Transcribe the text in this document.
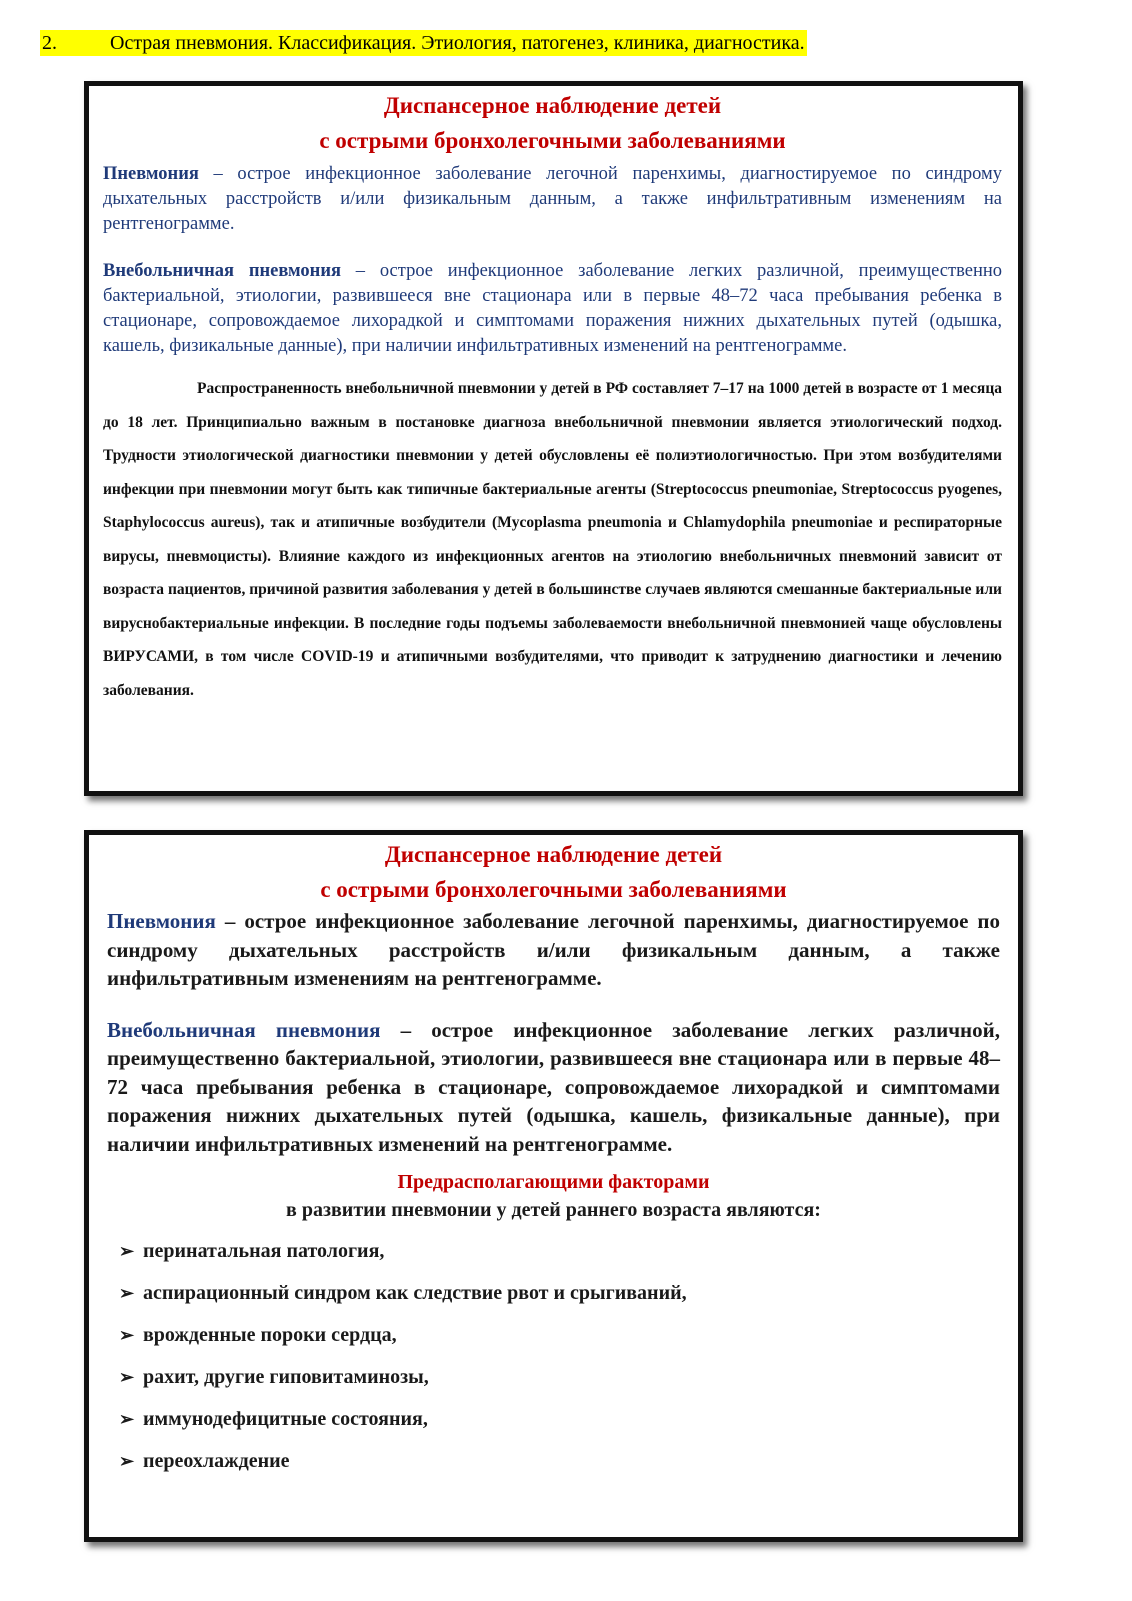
2.	Острая пневмония. Классификация. Этиология, патогенез, клиника, диагностика.
Диспансерное наблюдение детей
с острыми бронхолегочными заболеваниями

Пневмония – острое инфекционное заболевание легочной паренхимы, диагностируемое по синдрому дыхательных расстройств и/или физикальным данным, а также инфильтративным изменениям на рентгенограмме.

Внебольничная пневмония – острое инфекционное заболевание легких различной, преимущественно бактериальной, этиологии, развившееся вне стационара или в первые 48–72 часа пребывания ребенка в стационаре, сопровождаемое лихорадкой и симптомами поражения нижних дыхательных путей (одышка, кашель, физикальные данные), при наличии инфильтративных изменений на рентгенограмме.

Распространенность внебольничной пневмонии у детей в РФ составляет 7–17 на 1000 детей в возрасте от 1 месяца до 18 лет. Принципиально важным в постановке диагноза внебольничной пневмонии является этиологический подход. Трудности этиологической диагностики пневмонии у детей обусловлены её полиэтиологичностью. При этом возбудителями инфекции при пневмонии могут быть как типичные бактериальные агенты (Streptococcus pneumoniae, Streptococcus pyogenes, Staphylococcus aureus), так и атипичные возбудители (Mycoplasma pneumonia и Chlamydophila pneumoniae и респираторные вирусы, пневмоцисты). Влияние каждого из инфекционных агентов на этиологию внебольничных пневмоний зависит от возраста пациентов, причиной развития заболевания у детей в большинстве случаев являются смешанные бактериальные или вируснобактериальные инфекции. В последние годы подъемы заболеваемости внебольничной пневмонией чаще обусловлены ВИРУСАМИ, в том числе COVID-19 и атипичными возбудителями, что приводит к затруднению диагностики и лечению заболевания.
Диспансерное наблюдение детей
с острыми бронхолегочными заболеваниями

Пневмония – острое инфекционное заболевание легочной паренхимы, диагностируемое по синдрому дыхательных расстройств и/или физикальным данным, а также инфильтративным изменениям на рентгенограмме.

Внебольничная пневмония – острое инфекционное заболевание легких различной, преимущественно бактериальной, этиологии, развившееся вне стационара или в первые 48–72 часа пребывания ребенка в стационаре, сопровождаемое лихорадкой и симптомами поражения нижних дыхательных путей (одышка, кашель, физикальные данные), при наличии инфильтративных изменений на рентгенограмме.

Предрасполагающими факторами
в развитии пневмонии у детей раннего возраста являются:
➢ перинатальная патология,
➢ аспирационный синдром как следствие рвот и срыгиваний,
➢ врожденные пороки сердца,
➢ рахит, другие гиповитаминозы,
➢ иммунодефицитные состояния,
➢ переохлаждение
